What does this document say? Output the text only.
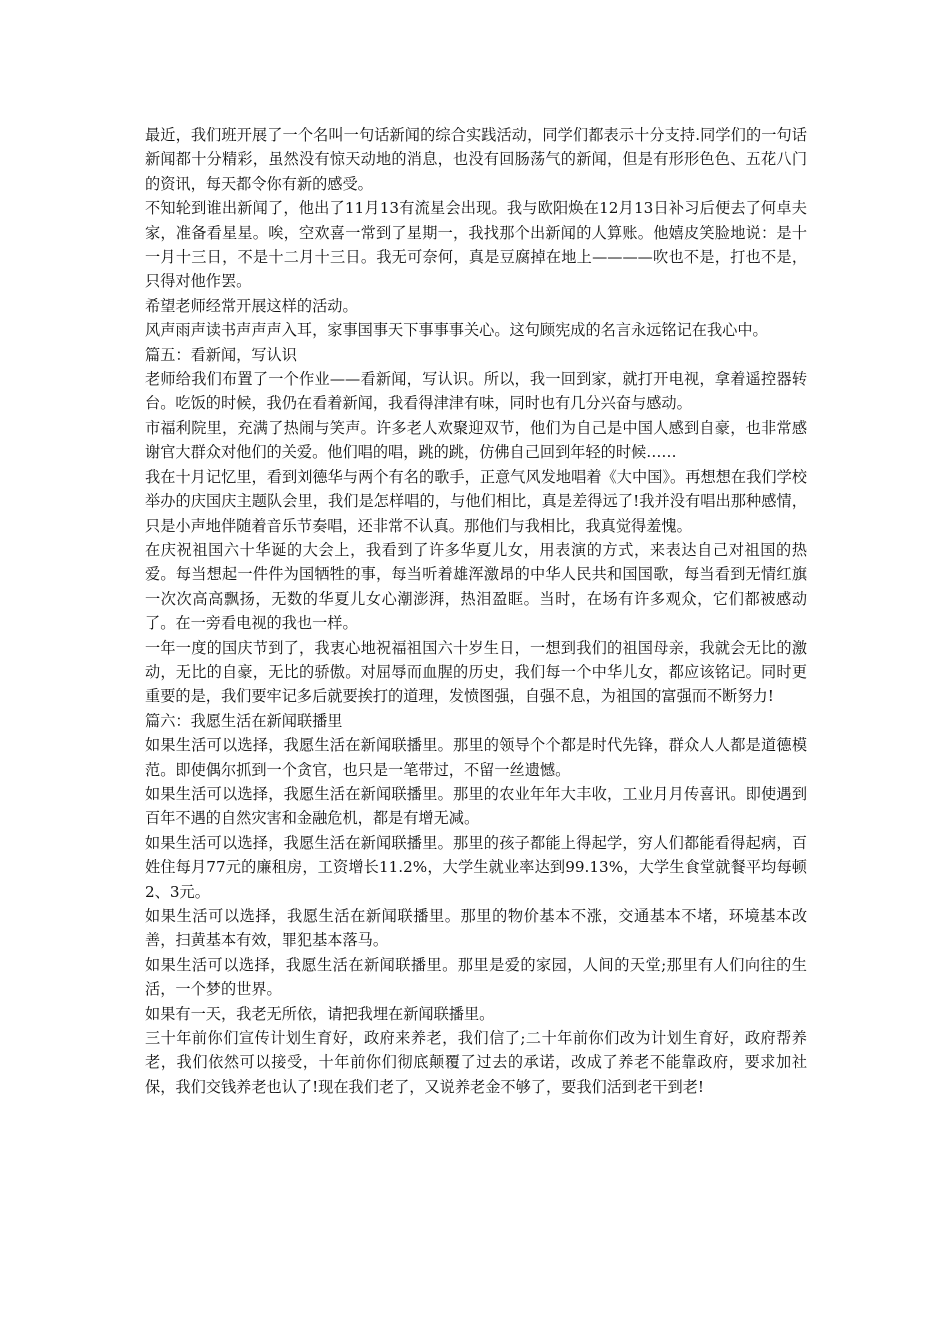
最近，我们班开展了一个名叫一句话新闻的综合实践活动，同学们都表示十分支持.同学们的一句话新闻都十分精彩，虽然没有惊天动地的消息，也没有回肠荡气的新闻，但是有形形色色、五花八门的资讯，每天都令你有新的感受。

不知轮到谁出新闻了，他出了11月13有流星会出现。我与欧阳焕在12月13日补习后便去了何卓夫家，准备看星星。唉，空欢喜一常到了星期一，我找那个出新闻的人算账。他嬉皮笑脸地说：是十一月十三日，不是十二月十三日。我无可奈何，真是豆腐掉在地上————吹也不是，打也不是，只得对他作罢。

希望老师经常开展这样的活动。

风声雨声读书声声声入耳，家事国事天下事事事关心。这句顾宪成的名言永远铭记在我心中。

篇五：看新闻，写认识

老师给我们布置了一个作业——看新闻，写认识。所以，我一回到家，就打开电视，拿着遥控器转台。吃饭的时候，我仍在看着新闻，我看得津津有味，同时也有几分兴奋与感动。

市福利院里，充满了热闹与笑声。许多老人欢聚迎双节，他们为自己是中国人感到自豪，也非常感谢官大群众对他们的关爱。他们唱的唱，跳的跳，仿佛自己回到年轻的时候……

我在十月记忆里，看到刘德华与两个有名的歌手，正意气风发地唱着《大中国》。再想想在我们学校举办的庆国庆主题队会里，我们是怎样唱的，与他们相比，真是差得远了!我并没有唱出那种感情，只是小声地伴随着音乐节奏唱，还非常不认真。那他们与我相比，我真觉得羞愧。

在庆祝祖国六十华诞的大会上，我看到了许多华夏儿女，用表演的方式，来表达自己对祖国的热爱。每当想起一件件为国牺牲的事，每当听着雄浑激昂的中华人民共和国国歌，每当看到无情红旗一次次高高飘扬，无数的华夏儿女心潮澎湃，热泪盈眶。当时，在场有许多观众，它们都被感动了。在一旁看电视的我也一样。

一年一度的国庆节到了，我衷心地祝福祖国六十岁生日，一想到我们的祖国母亲，我就会无比的激动，无比的自豪，无比的骄傲。对屈辱而血腥的历史，我们每一个中华儿女，都应该铭记。同时更重要的是，我们要牢记多后就要挨打的道理，发愤图强，自强不息，为祖国的富强而不断努力!

篇六：我愿生活在新闻联播里

如果生活可以选择，我愿生活在新闻联播里。那里的领导个个都是时代先锋，群众人人都是道德模范。即使偶尔抓到一个贪官，也只是一笔带过，不留一丝遗憾。

如果生活可以选择，我愿生活在新闻联播里。那里的农业年年大丰收，工业月月传喜讯。即使遇到百年不遇的自然灾害和金融危机，都是有增无减。

如果生活可以选择，我愿生活在新闻联播里。那里的孩子都能上得起学，穷人们都能看得起病，百姓住每月77元的廉租房，工资增长11.2%，大学生就业率达到99.13%，大学生食堂就餐平均每顿2、3元。

如果生活可以选择，我愿生活在新闻联播里。那里的物价基本不涨，交通基本不堵，环境基本改善，扫黄基本有效，罪犯基本落马。

如果生活可以选择，我愿生活在新闻联播里。那里是爱的家园，人间的天堂;那里有人们向往的生活，一个梦的世界。

如果有一天，我老无所依，请把我埋在新闻联播里。

三十年前你们宣传计划生育好，政府来养老，我们信了;二十年前你们改为计划生育好，政府帮养老，我们依然可以接受，十年前你们彻底颠覆了过去的承诺，改成了养老不能靠政府，要求加社保，我们交钱养老也认了!现在我们老了，又说养老金不够了，要我们活到老干到老!
